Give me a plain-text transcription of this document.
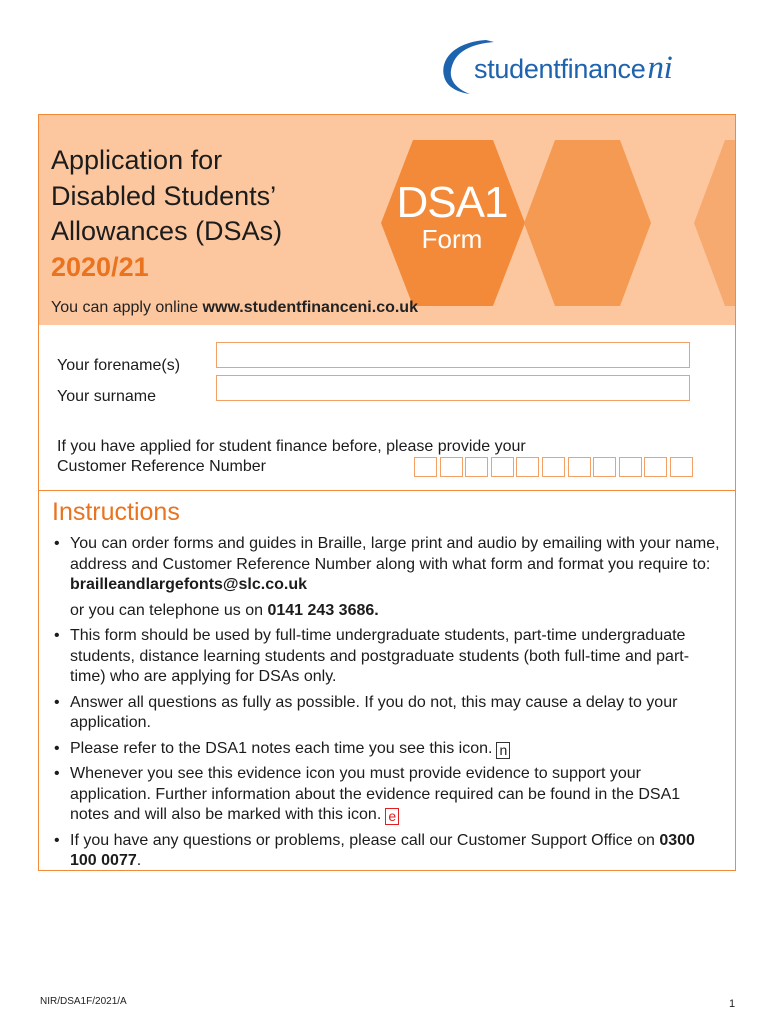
studentfinanceni
Application for
Disabled Students’
Allowances (DSAs)
2020/21
DSA1
Form
You can apply online www.studentfinanceni.co.uk
Your forename(s)
Your surname
If you have applied for student finance before, please provide your
Customer Reference Number
Instructions
• You can order forms and guides in Braille, large print and audio by emailing with your name, address and Customer Reference Number along with what form and format you require to: brailleandlargefonts@slc.co.uk
or you can telephone us on 0141 243 3686.
• This form should be used by full-time undergraduate students, part-time undergraduate students, distance learning students and postgraduate students (both full-time and part-time) who are applying for DSAs only.
• Answer all questions as fully as possible. If you do not, this may cause a delay to your application.
• Please refer to the DSA1 notes each time you see this icon. n
• Whenever you see this evidence icon you must provide evidence to support your application. Further information about the evidence required can be found in the DSA1 notes and will also be marked with this icon. e
• If you have any questions or problems, please call our Customer Support Office on 0300 100 0077.
NIR/DSA1F/2021/A	1
